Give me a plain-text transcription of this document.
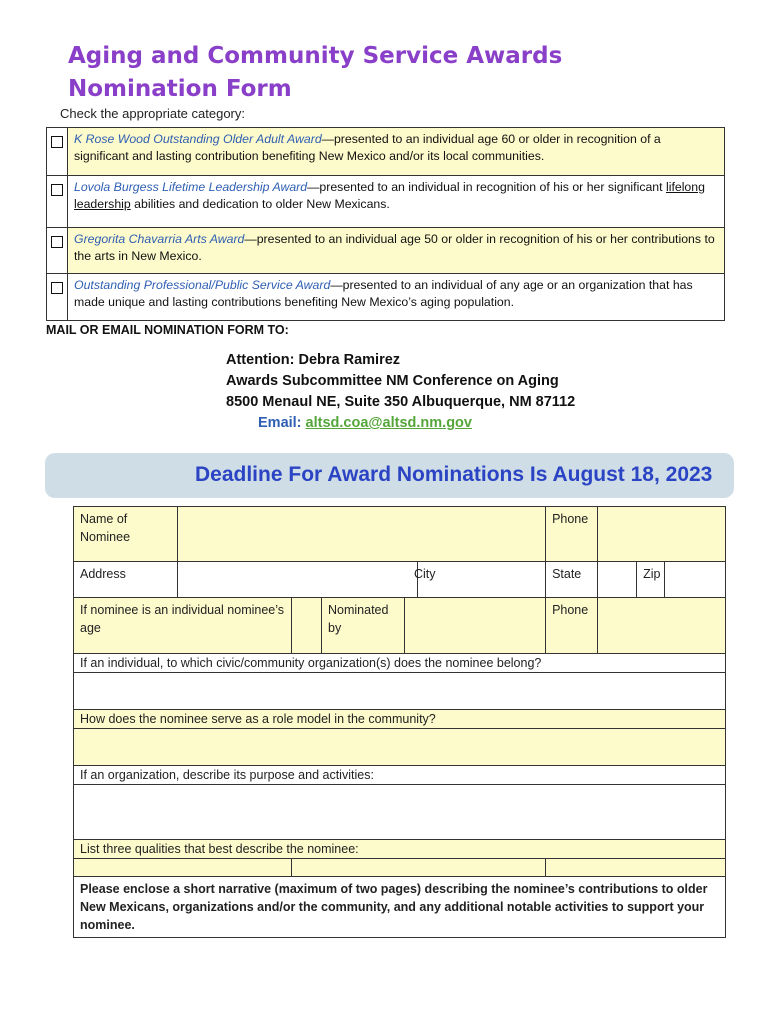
Aging and Community Service Awards
Nomination Form
Check the appropriate category:
	K Rose Wood Outstanding Older Adult Award—presented to an individual age 60 or older in recognition of a significant and lasting contribution benefiting New Mexico and/or its local communities.
	Lovola Burgess Lifetime Leadership Award—presented to an individual in recognition of his or her significant lifelong leadership abilities and dedication to older New Mexicans.
	Gregorita Chavarria Arts Award—presented to an individual age 50 or older in recognition of his or her contributions to the arts in New Mexico.
	Outstanding Professional/Public Service Award—presented to an individual of any age or an organization that has made unique and lasting contributions benefiting New Mexico’s aging population.
MAIL OR EMAIL NOMINATION FORM TO:
Attention: Debra Ramirez
Awards Subcommittee NM Conference on Aging
8500 Menaul NE, Suite 350 Albuquerque, NM 87112
Email: altsd.coa@altsd.nm.gov
Deadline For Award Nominations Is August 18, 2023
Name of Nominee						Phone			
Address					City	State		Zip	
If nominee is an individual nominee’s age			Nominated by			Phone			
If an individual, to which civic/community organization(s) does the nominee belong?									

How does the nominee serve as a role model in the community?									

If an organization, describe its purpose and activities:									

List three qualities that best describe the nominee:									

Please enclose a short narrative (maximum of two pages) describing the nominee’s contributions to older New Mexicans, organizations and/or the community, and any additional notable activities to support your nominee.									
